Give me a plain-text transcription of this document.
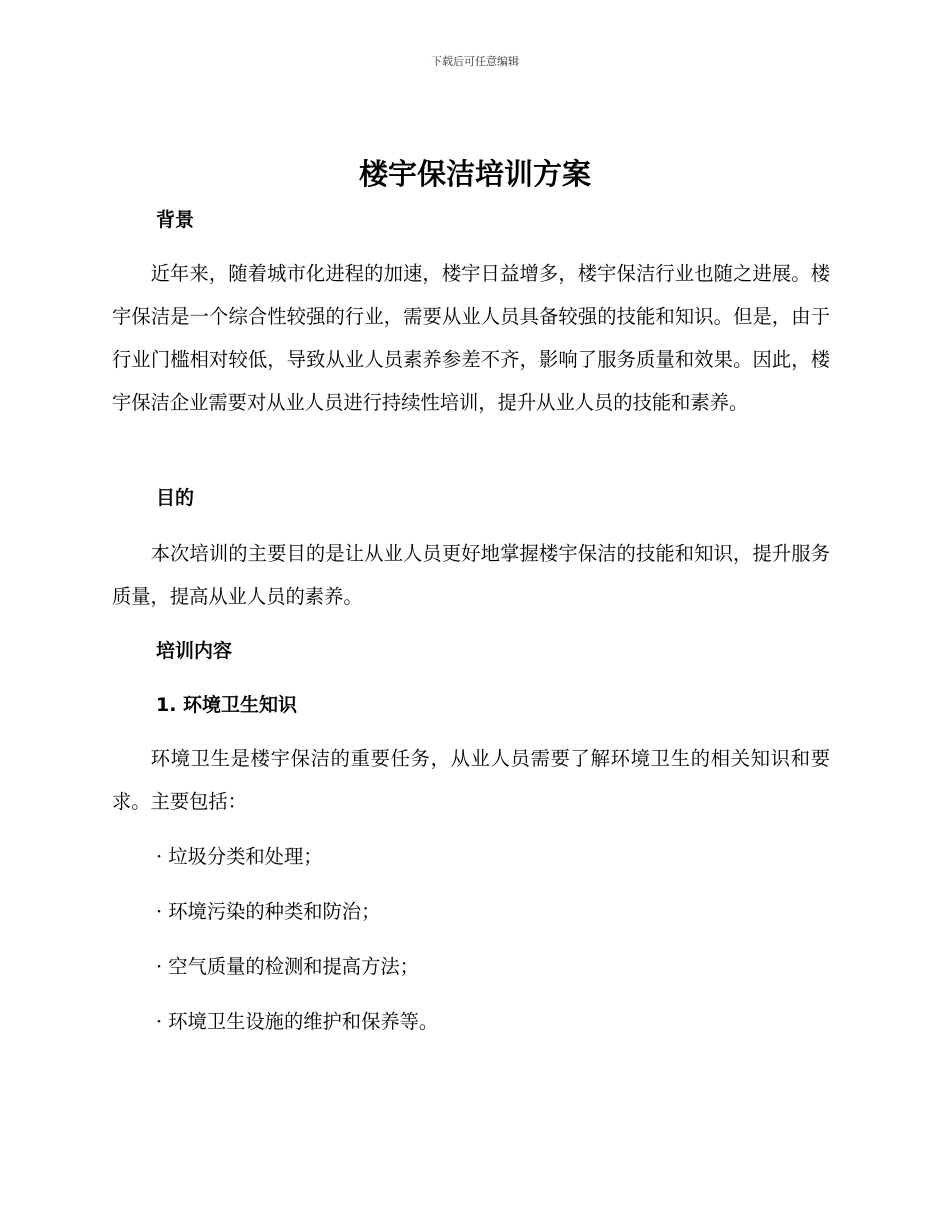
下载后可任意编辑
楼宇保洁培训方案
背景

近年来，随着城市化进程的加速，楼宇日益增多，楼宇保洁行业也随之进展。楼宇保洁是一个综合性较强的行业，需要从业人员具备较强的技能和知识。但是，由于行业门槛相对较低，导致从业人员素养参差不齐，影响了服务质量和效果。因此，楼宇保洁企业需要对从业人员进行持续性培训，提升从业人员的技能和素养。

目的

本次培训的主要目的是让从业人员更好地掌握楼宇保洁的技能和知识，提升服务质量，提高从业人员的素养。

培训内容
1. 环境卫生知识

环境卫生是楼宇保洁的重要任务，从业人员需要了解环境卫生的相关知识和要求。主要包括：

· 垃圾分类和处理；

· 环境污染的种类和防治；

· 空气质量的检测和提高方法；

· 环境卫生设施的维护和保养等。
